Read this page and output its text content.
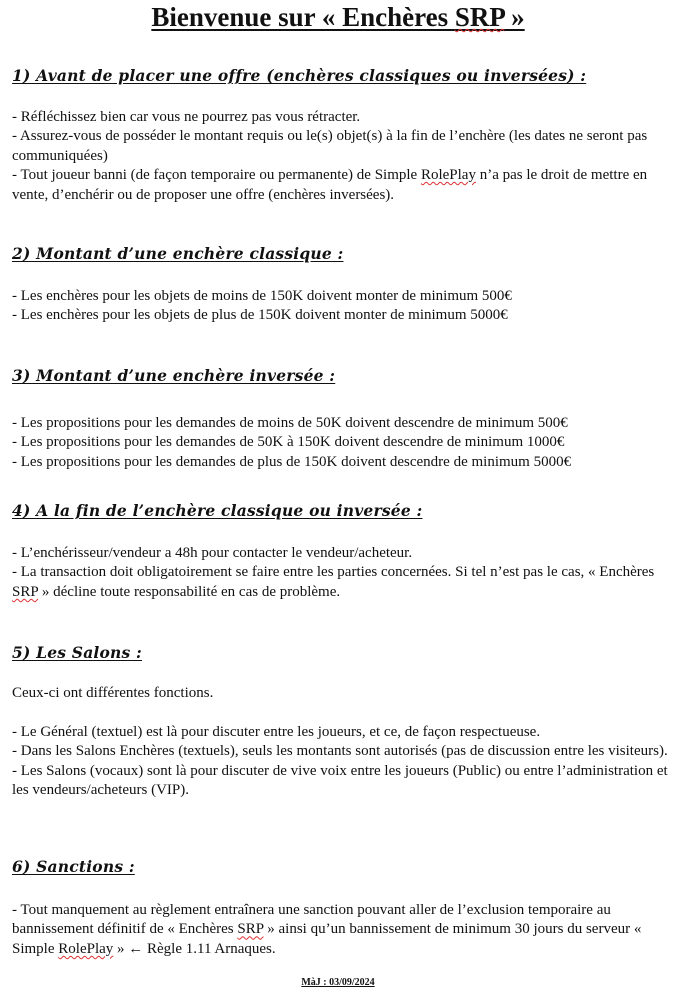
Bienvenue sur « Enchères SRP »
1) Avant de placer une offre (enchères classiques ou inversées) :

- Réfléchissez bien car vous ne pourrez pas vous rétracter.

- Assurez-vous de posséder le montant requis ou le(s) objet(s) à la fin de l’enchère (les dates ne seront pas communiquées)

- Tout joueur banni (de façon temporaire ou permanente) de Simple RolePlay n’a pas le droit de mettre en vente, d’enchérir ou de proposer une offre (enchères inversées).

2) Montant d’une enchère classique :

- Les enchères pour les objets de moins de 150K doivent monter de minimum 500€

- Les enchères pour les objets de plus de 150K doivent monter de minimum 5000€

3) Montant d’une enchère inversée :

- Les propositions pour les demandes de moins de 50K doivent descendre de minimum 500€

- Les propositions pour les demandes de 50K à 150K doivent descendre de minimum 1000€

- Les propositions pour les demandes de plus de 150K doivent descendre de minimum 5000€

4) A la fin de l’enchère classique ou inversée :

- L’enchérisseur/vendeur a 48h pour contacter le vendeur/acheteur.

- La transaction doit obligatoirement se faire entre les parties concernées. Si tel n’est pas le cas, « Enchères SRP » décline toute responsabilité en cas de problème.

5) Les Salons :

Ceux-ci ont différentes fonctions.

- Le Général (textuel) est là pour discuter entre les joueurs, et ce, de façon respectueuse.

- Dans les Salons Enchères (textuels), seuls les montants sont autorisés (pas de discussion entre les visiteurs).

- Les Salons (vocaux) sont là pour discuter de vive voix entre les joueurs (Public) ou entre l’administration et les vendeurs/acheteurs (VIP).

6) Sanctions :

- Tout manquement au règlement entraînera une sanction pouvant aller de l’exclusion temporaire au bannissement définitif de « Enchères SRP » ainsi qu’un bannissement de minimum 30 jours du serveur « Simple RolePlay » ← Règle 1.11 Arnaques.

MàJ : 03/09/2024
